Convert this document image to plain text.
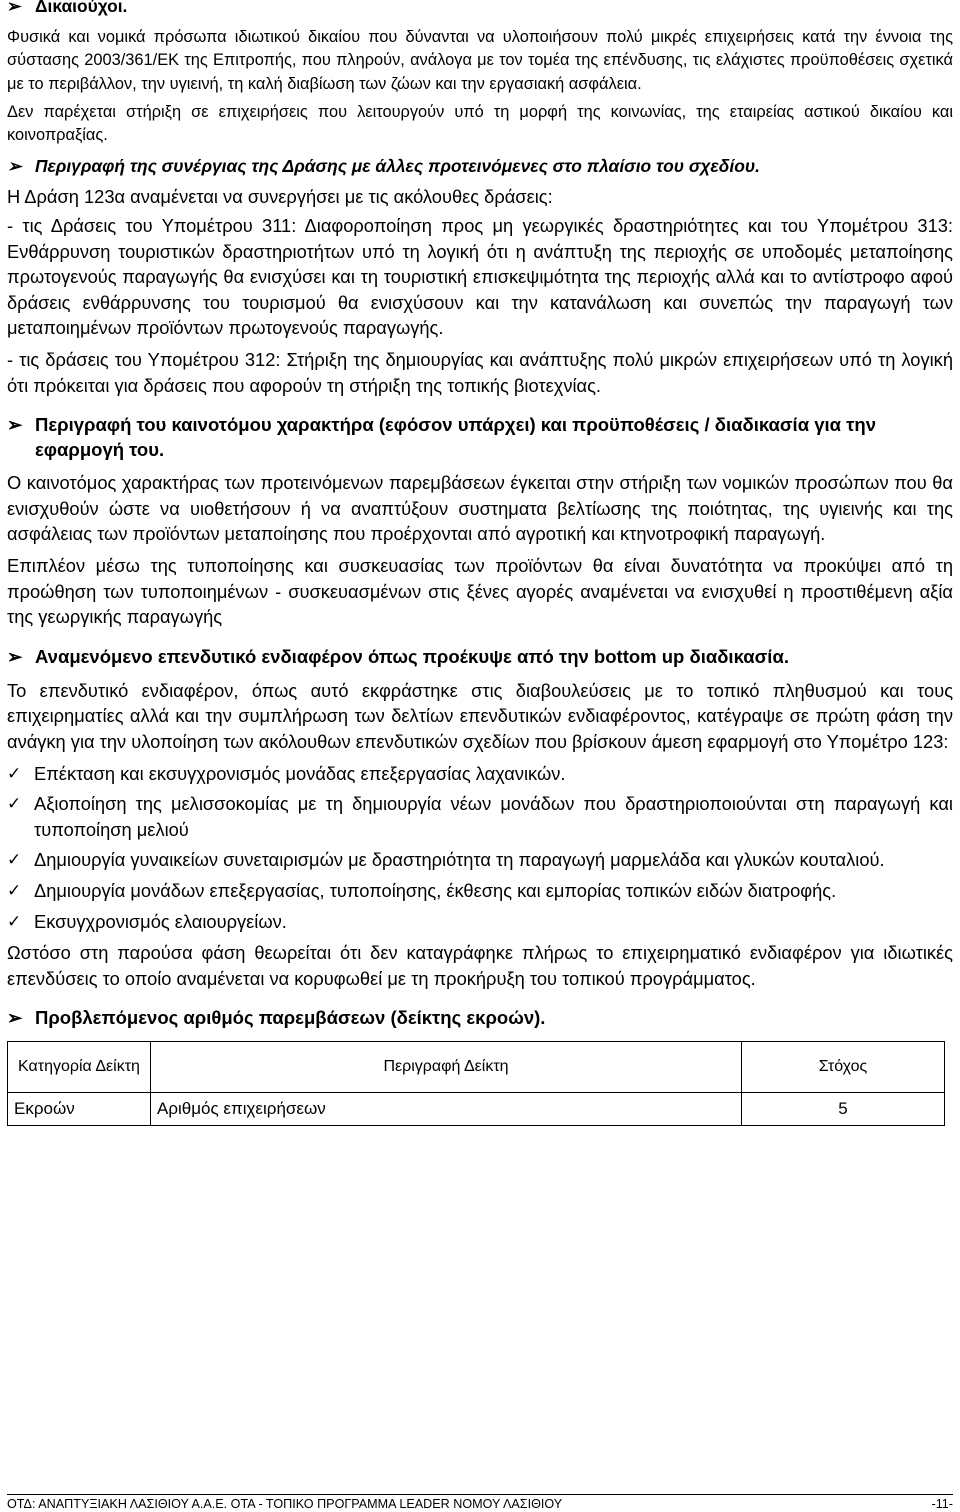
➢ Δικαιούχοι.

Φυσικά και νομικά πρόσωπα ιδιωτικού δικαίου που δύνανται να υλοποιήσουν πολύ μικρές επιχειρήσεις κατά την έννοια της σύστασης 2003/361/ΕΚ της Επιτροπής, που πληρούν, ανάλογα με τον τομέα της επένδυσης, τις ελάχιστες προϋποθέσεις σχετικά με το περιβάλλον, την υγιεινή, τη καλή διαβίωση των ζώων και την εργασιακή ασφάλεια.

Δεν παρέχεται στήριξη σε επιχειρήσεις που λειτουργούν υπό τη μορφή της κοινωνίας, της εταιρείας αστικού δικαίου και κοινοπραξίας.

➢ Περιγραφή της συνέργιας της Δράσης με άλλες προτεινόμενες στο πλαίσιο του σχεδίου.

Η Δράση 123α αναμένεται να συνεργήσει με τις ακόλουθες δράσεις:

- τις Δράσεις του Υπομέτρου 311: Διαφοροποίηση προς μη γεωργικές δραστηριότητες και του Υπομέτρου 313: Ενθάρρυνση τουριστικών δραστηριοτήτων υπό τη λογική ότι η ανάπτυξη της περιοχής σε υποδομές μεταποίησης πρωτογενούς παραγωγής θα ενισχύσει και τη τουριστική επισκεψιμότητα της περιοχής αλλά και το αντίστροφο αφού δράσεις ενθάρρυνσης του τουρισμού θα ενισχύσουν και την κατανάλωση και συνεπώς την παραγωγή των μεταποιημένων προϊόντων πρωτογενούς παραγωγής.

- τις δράσεις του Υπομέτρου 312: Στήριξη της δημιουργίας και ανάπτυξης πολύ μικρών επιχειρήσεων υπό τη λογική ότι πρόκειται για δράσεις που αφορούν τη στήριξη της τοπικής βιοτεχνίας.

➢ Περιγραφή του καινοτόμου χαρακτήρα (εφόσον υπάρχει) και προϋποθέσεις / διαδικασία για την εφαρμογή του.

Ο καινοτόμος χαρακτήρας των προτεινόμενων παρεμβάσεων έγκειται στην στήριξη των νομικών προσώπων που θα ενισχυθούν ώστε να υιοθετήσουν ή να αναπτύξουν συστηματα βελτίωσης της ποιότητας, της υγιεινής και της ασφάλειας των προϊόντων μεταποίησης που προέρχονται από αγροτική και κτηνοτροφική παραγωγή.

Επιπλέον μέσω της τυποποίησης και συσκευασίας των προϊόντων θα είναι δυνατότητα να προκύψει από τη προώθηση των τυποποιημένων - συσκευασμένων στις ξένες αγορές αναμένεται να ενισχυθεί η προστιθέμενη αξία της γεωργικής παραγωγής

➢ Αναμενόμενο επενδυτικό ενδιαφέρον όπως προέκυψε από την bottom up διαδικασία.

Το επενδυτικό ενδιαφέρον, όπως αυτό εκφράστηκε στις διαβουλεύσεις με το τοπικό πληθυσμού και τους επιχειρηματίες αλλά και την συμπλήρωση των δελτίων επενδυτικών ενδιαφέροντος, κατέγραψε σε πρώτη φάση την ανάγκη για την υλοποίηση των ακόλουθων επενδυτικών σχεδίων που βρίσκουν άμεση εφαρμογή στο Υπομέτρο 123:

✓ Επέκταση και εκσυγχρονισμός μονάδας επεξεργασίας λαχανικών.
✓ Αξιοποίηση της μελισσοκομίας με τη δημιουργία νέων μονάδων που δραστηριοποιούνται στη παραγωγή και τυποποίηση μελιού
✓ Δημιουργία γυναικείων συνεταιρισμών με δραστηριότητα τη παραγωγή μαρμελάδα και γλυκών κουταλιού.
✓ Δημιουργία μονάδων επεξεργασίας, τυποποίησης, έκθεσης και εμπορίας τοπικών ειδών διατροφής.
✓ Εκσυγχρονισμός ελαιουργείων.

Ωστόσο στη παρούσα φάση θεωρείται ότι δεν καταγράφηκε πλήρως το επιχειρηματικό ενδιαφέρον για ιδιωτικές επενδύσεις το οποίο αναμένεται να κορυφωθεί με τη προκήρυξη του τοπικού προγράμματος.

➢ Προβλεπόμενος αριθμός παρεμβάσεων (δείκτης εκροών).
Κατηγορία Δείκτη	Περιγραφή Δείκτη	Στόχος
Εκροών	Αριθμός επιχειρήσεων	5
ΟΤΔ: ΑΝΑΠΤΥΞΙΑΚΗ ΛΑΣΙΘΙΟΥ Α.Α.Ε. ΟΤΑ - ΤΟΠΙΚΟ ΠΡΟΓΡΑΜΜΑ LEADER ΝΟΜΟΥ ΛΑΣΙΘΙΟΥ	-11-
